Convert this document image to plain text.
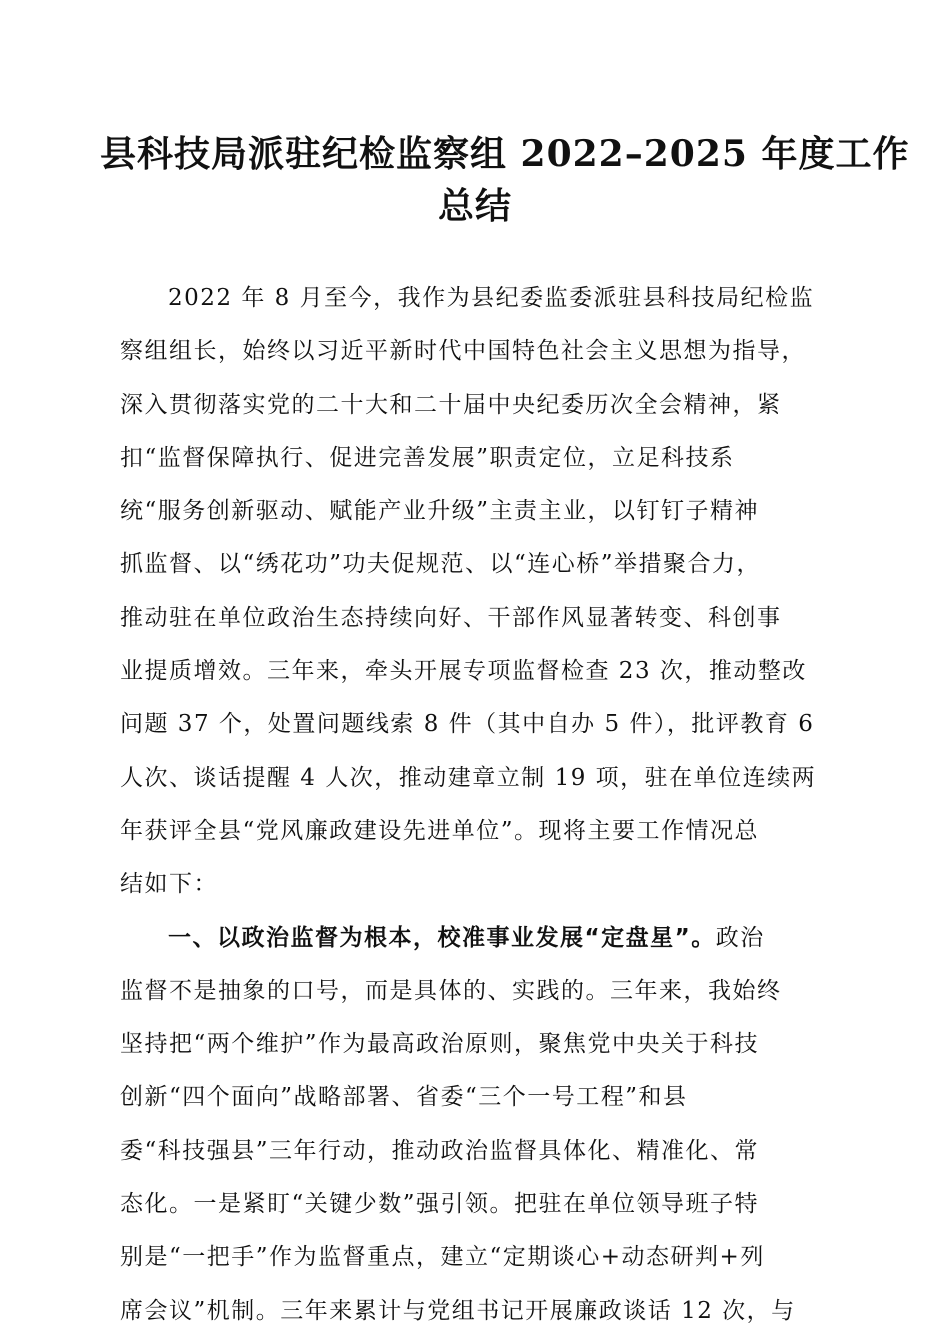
县科技局派驻纪检监察组 2022–2025 年度工作
总结
2022 年 8 月至今，我作为县纪委监委派驻县科技局纪检监
察组组长，始终以习近平新时代中国特色社会主义思想为指导，
深入贯彻落实党的二十大和二十届中央纪委历次全会精神，紧
扣“监督保障执行、促进完善发展”职责定位，立足科技系
统“服务创新驱动、赋能产业升级”主责主业，以钉钉子精神
抓监督、以“绣花功”功夫促规范、以“连心桥”举措聚合力，
推动驻在单位政治生态持续向好、干部作风显著转变、科创事
业提质增效。三年来，牵头开展专项监督检查 23 次，推动整改
问题 37 个，处置问题线索 8 件（其中自办 5 件），批评教育 6
人次、谈话提醒 4 人次，推动建章立制 19 项，驻在单位连续两
年获评全县“党风廉政建设先进单位”。现将主要工作情况总
结如下：
一、以政治监督为根本，校准事业发展“定盘星”。政治
监督不是抽象的口号，而是具体的、实践的。三年来，我始终
坚持把“两个维护”作为最高政治原则，聚焦党中央关于科技
创新“四个面向”战略部署、省委“三个一号工程”和县
委“科技强县”三年行动，推动政治监督具体化、精准化、常
态化。一是紧盯“关键少数”强引领。把驻在单位领导班子特
别是“一把手”作为监督重点，建立“定期谈心+动态研判+列
席会议”机制。三年来累计与党组书记开展廉政谈话 12 次，与
